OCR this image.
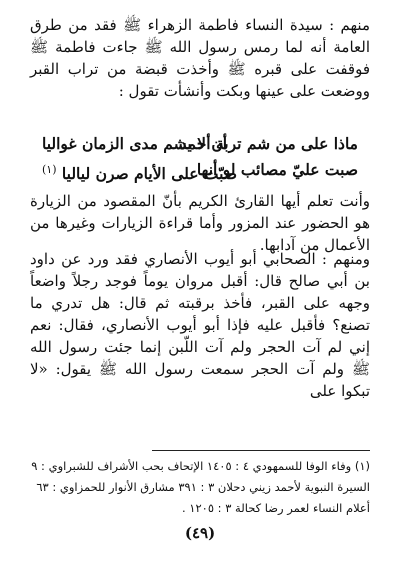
منهم : سيدة النساء فاطمة الزهراء ﷺ فقد من طرق العامة أنه لما رمس رسول الله ﷺ جاءت فاطمة ﷺ فوقفت على قبره ﷺ وأخذت قبضة من تراب القبر ووضعت على عينها وبكت وأنشأت تقول :
ماذا على من شم تربة أحمد
أن لا يشم مدى الزمان غواليا
صبت عليّ مصائب لو أنها
صبّت على الأيام صرن لياليا $^{(١)}$
وأنت تعلم أيها القارئ الكريم بأنّ المقصود من الزيارة هو الحضور عند المزور وأما قراءة الزيارات وغيرها من الأعمال من آدابها.
ومنهم : الصحابي أبو أيوب الأنصاري فقد ورد عن داود بن أبي صالح قال: أقبل مروان يوماً فوجد رجلاً واضعاً وجهه على القبر، فأخذ برقبته ثم قال: هل تدري ما تصنع؟ فأقبل عليه فإذا أبو أيوب الأنصاري، فقال: نعم إني لم آت الحجر ولم آت اللّبن إنما جئت رسول الله ﷺ ولم آت الحجر سمعت رسول الله ﷺ يقول: «لا تبكوا على
(١) وفاء الوفا للسمهودي ٤ : ١٤٠٥ الإتحاف بحب الأشراف للشبراوي : ٩
السيرة النبوية لأحمد زيني دحلان ٣ : ٣٩١ مشارق الأنوار للحمزاوي : ٦٣
أعلام النساء لعمر رضا كحالة ٣ : ١٢٠٥ .
(٤٩)
